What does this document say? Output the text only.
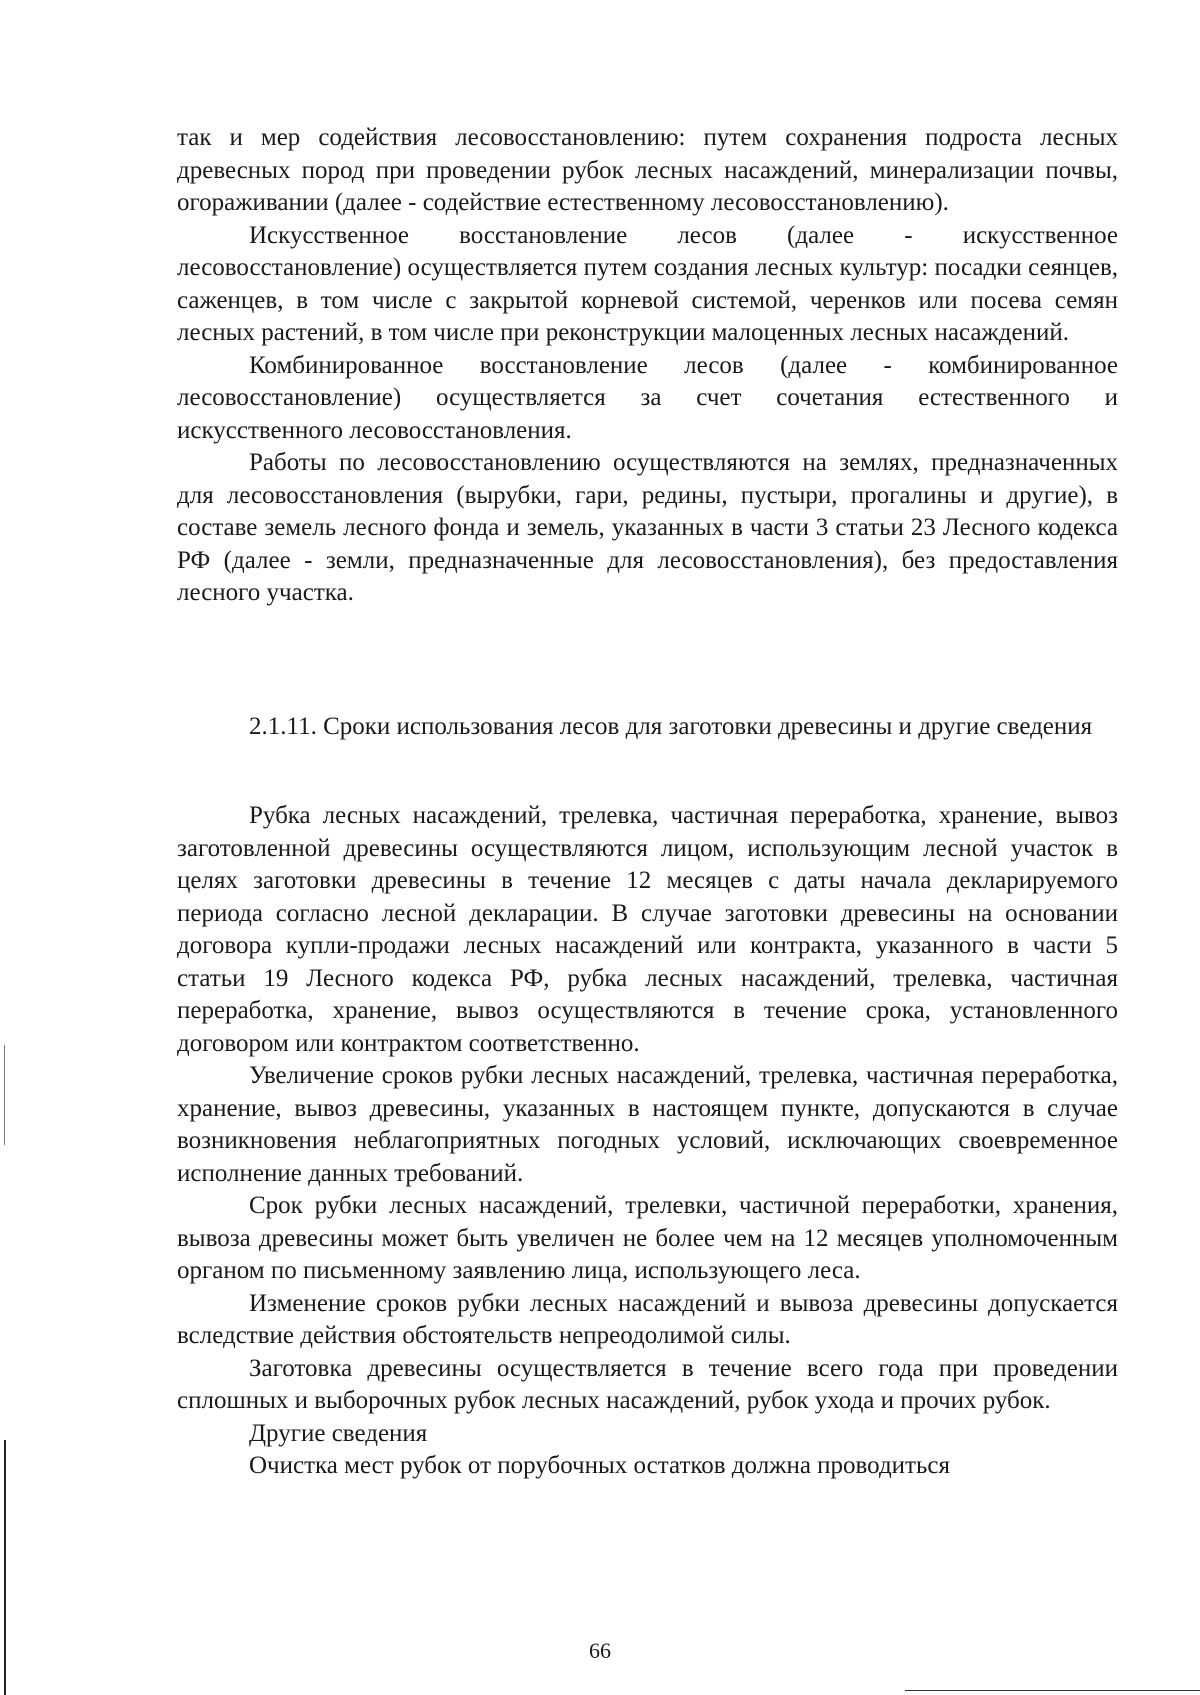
так и мер содействия лесовосстановлению: путем сохранения подроста лесных древесных пород при проведении рубок лесных насаждений, минерализации почвы, огораживании (далее - содействие естественному лесовосстановлению).

Искусственное восстановление лесов (далее - искусственное лесовосстановление) осуществляется путем создания лесных культур: посадки сеянцев, саженцев, в том числе с закрытой корневой системой, черенков или посева семян лесных растений, в том числе при реконструкции малоценных лесных насаждений.

Комбинированное восстановление лесов (далее - комбинированное лесовосстановление) осуществляется за счет сочетания естественного и искусственного лесовосстановления.

Работы по лесовосстановлению осуществляются на землях, предназначенных для лесовосстановления (вырубки, гари, редины, пустыри, прогалины и другие), в составе земель лесного фонда и земель, указанных в части 3 статьи 23 Лесного кодекса РФ (далее - земли, предназначенные для лесовосстановления), без предоставления лесного участка.

2.1.11. Сроки использования лесов для заготовки древесины и другие сведения

Рубка лесных насаждений, трелевка, частичная переработка, хранение, вывоз заготовленной древесины осуществляются лицом, использующим лесной участок в целях заготовки древесины в течение 12 месяцев с даты начала декларируемого периода согласно лесной декларации. В случае заготовки древесины на основании договора купли-продажи лесных насаждений или контракта, указанного в части 5 статьи 19 Лесного кодекса РФ, рубка лесных насаждений, трелевка, частичная переработка, хранение, вывоз осуществляются в течение срока, установленного договором или контрактом соответственно.

Увеличение сроков рубки лесных насаждений, трелевка, частичная переработка, хранение, вывоз древесины, указанных в настоящем пункте, допускаются в случае возникновения неблагоприятных погодных условий, исключающих своевременное исполнение данных требований.

Срок рубки лесных насаждений, трелевки, частичной переработки, хранения, вывоза древесины может быть увеличен не более чем на 12 месяцев уполномоченным органом по письменному заявлению лица, использующего леса.

Изменение сроков рубки лесных насаждений и вывоза древесины допускается вследствие действия обстоятельств непреодолимой силы.

Заготовка древесины осуществляется в течение всего года при проведении сплошных и выборочных рубок лесных насаждений, рубок ухода и прочих рубок.

Другие сведения

Очистка мест рубок от порубочных остатков должна проводиться

66
